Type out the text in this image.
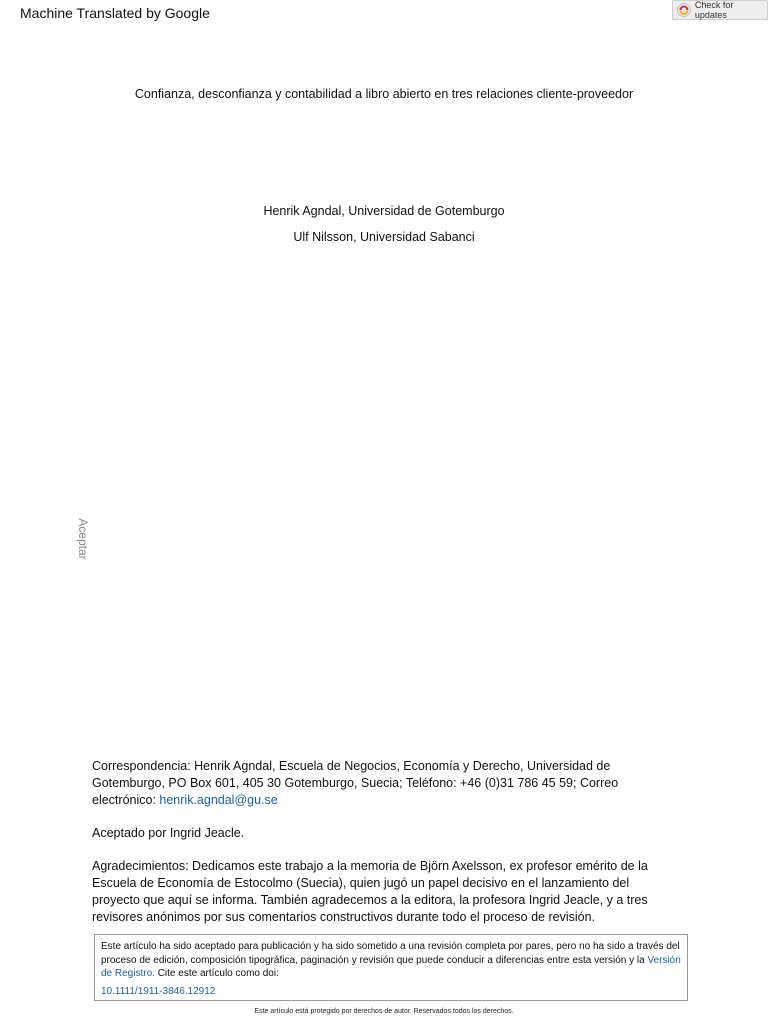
Machine Translated by Google	Check for updates
Confianza, desconfianza y contabilidad a libro abierto en tres relaciones cliente-proveedor
Henrik Agndal, Universidad de Gotemburgo
Ulf Nilsson, Universidad Sabanci
Aceptar
Correspondencia: Henrik Agndal, Escuela de Negocios, Economía y Derecho, Universidad de Gotemburgo, PO Box 601, 405 30 Gotemburgo, Suecia; Teléfono: +46 (0)31 786 45 59; Correo electrónico: henrik.agndal@gu.se
Aceptado por Ingrid Jeacle.
Agradecimientos: Dedicamos este trabajo a la memoria de Björn Axelsson, ex profesor emérito de la Escuela de Economía de Estocolmo (Suecia), quien jugó un papel decisivo en el lanzamiento del proyecto que aquí se informa. También agradecemos a la editora, la profesora Ingrid Jeacle, y a tres revisores anónimos por sus comentarios constructivos durante todo el proceso de revisión.
Este artículo ha sido aceptado para publicación y ha sido sometido a una revisión completa por pares, pero no ha sido a través del proceso de edición, composición tipográfica, paginación y revisión que puede conducir a diferencias entre esta versión y la Versión de Registro. Cite este artículo como doi:
10.1111/1911-3846.12912
Este artículo está protegido por derechos de autor. Reservados todos los derechos.
